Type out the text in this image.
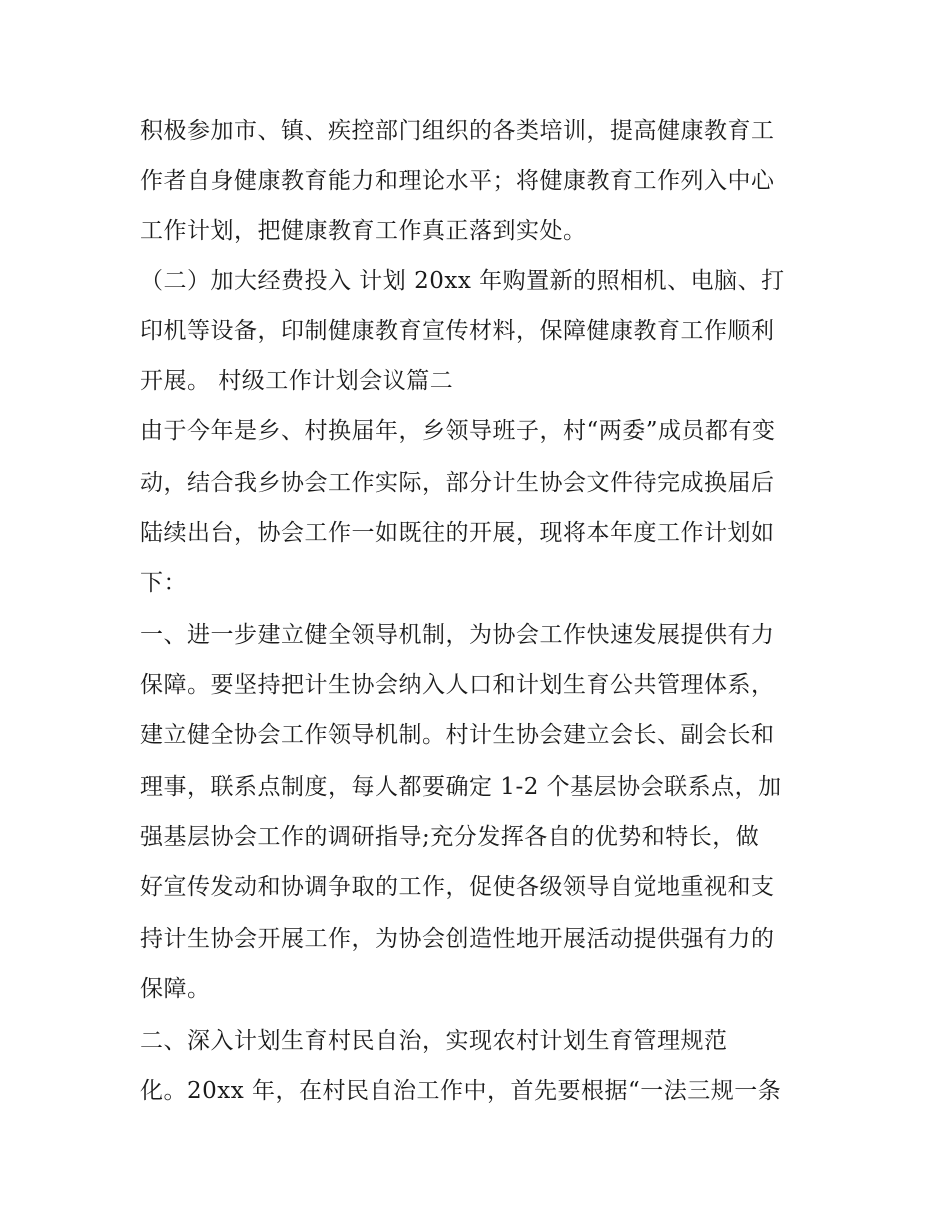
积极参加市、镇、疾控部门组织的各类培训，提高健康教育工
作者自身健康教育能力和理论水平；将健康教育工作列入中心
工作计划，把健康教育工作真正落到实处。
（二）加大经费投入 计划 20xx 年购置新的照相机、电脑、打
印机等设备，印制健康教育宣传材料，保障健康教育工作顺利
开展。 村级工作计划会议篇二
由于今年是乡、村换届年，乡领导班子，村“两委”成员都有变
动，结合我乡协会工作实际，部分计生协会文件待完成换届后
陆续出台，协会工作一如既往的开展，现将本年度工作计划如
下：
一、进一步建立健全领导机制，为协会工作快速发展提供有力
保障。要坚持把计生协会纳入人口和计划生育公共管理体系，
建立健全协会工作领导机制。村计生协会建立会长、副会长和
理事，联系点制度，每人都要确定 1-2 个基层协会联系点，加
强基层协会工作的调研指导;充分发挥各自的优势和特长，做
好宣传发动和协调争取的工作，促使各级领导自觉地重视和支
持计生协会开展工作，为协会创造性地开展活动提供强有力的
保障。
二、深入计划生育村民自治，实现农村计划生育管理规范
化。20xx 年，在村民自治工作中，首先要根据“一法三规一条
